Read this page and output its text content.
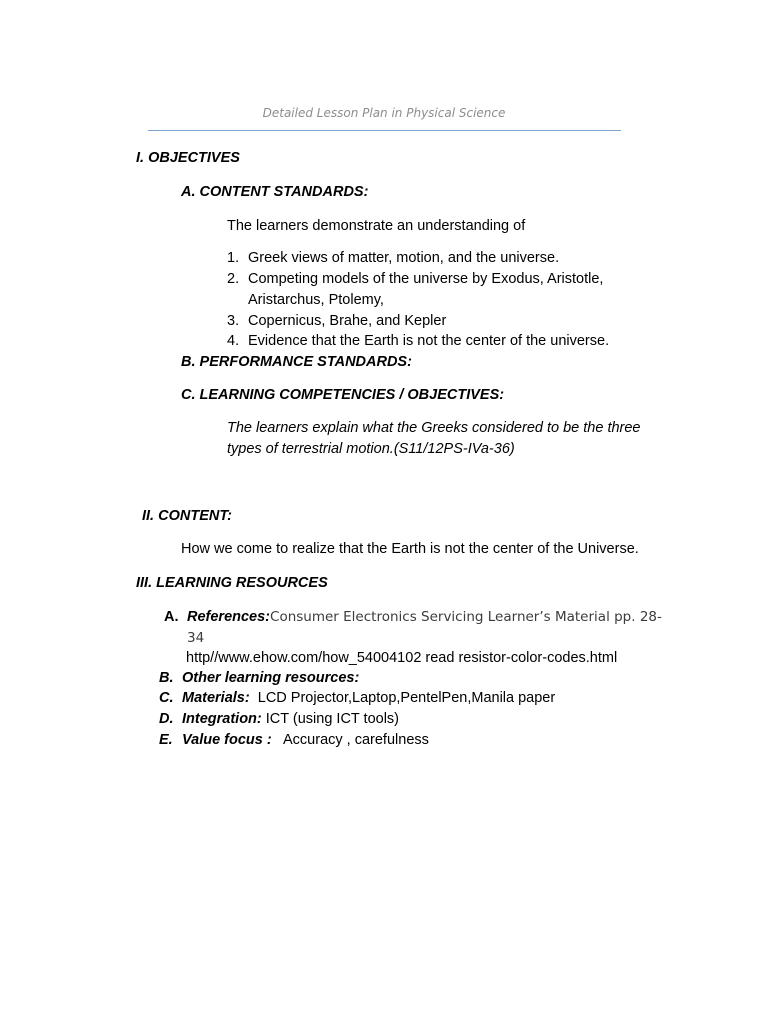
Detailed Lesson Plan in Physical Science
I. OBJECTIVES
A. CONTENT STANDARDS:
The learners demonstrate an understanding of
1. Greek views of matter, motion, and the universe.
2. Competing models of the universe by Exodus, Aristotle,
Aristarchus, Ptolemy,
3. Copernicus, Brahe, and Kepler
4. Evidence that the Earth is not the center of the universe.
B. PERFORMANCE STANDARDS:
C. LEARNING COMPETENCIES / OBJECTIVES:
The learners explain what the Greeks considered to be the three
types of terrestrial motion.(S11/12PS-IVa-36)
II. CONTENT:
How we come to realize that the Earth is not the center of the Universe.
III. LEARNING RESOURCES
A. References:Consumer Electronics Servicing Learner’s Material pp. 28-
34
http//www.ehow.com/how_54004102 read resistor-color-codes.html
B. Other learning resources:
C. Materials: LCD Projector,Laptop,PentelPen,Manila paper
D. Integration: ICT (using ICT tools)
E. Value focus : Accuracy , carefulness
